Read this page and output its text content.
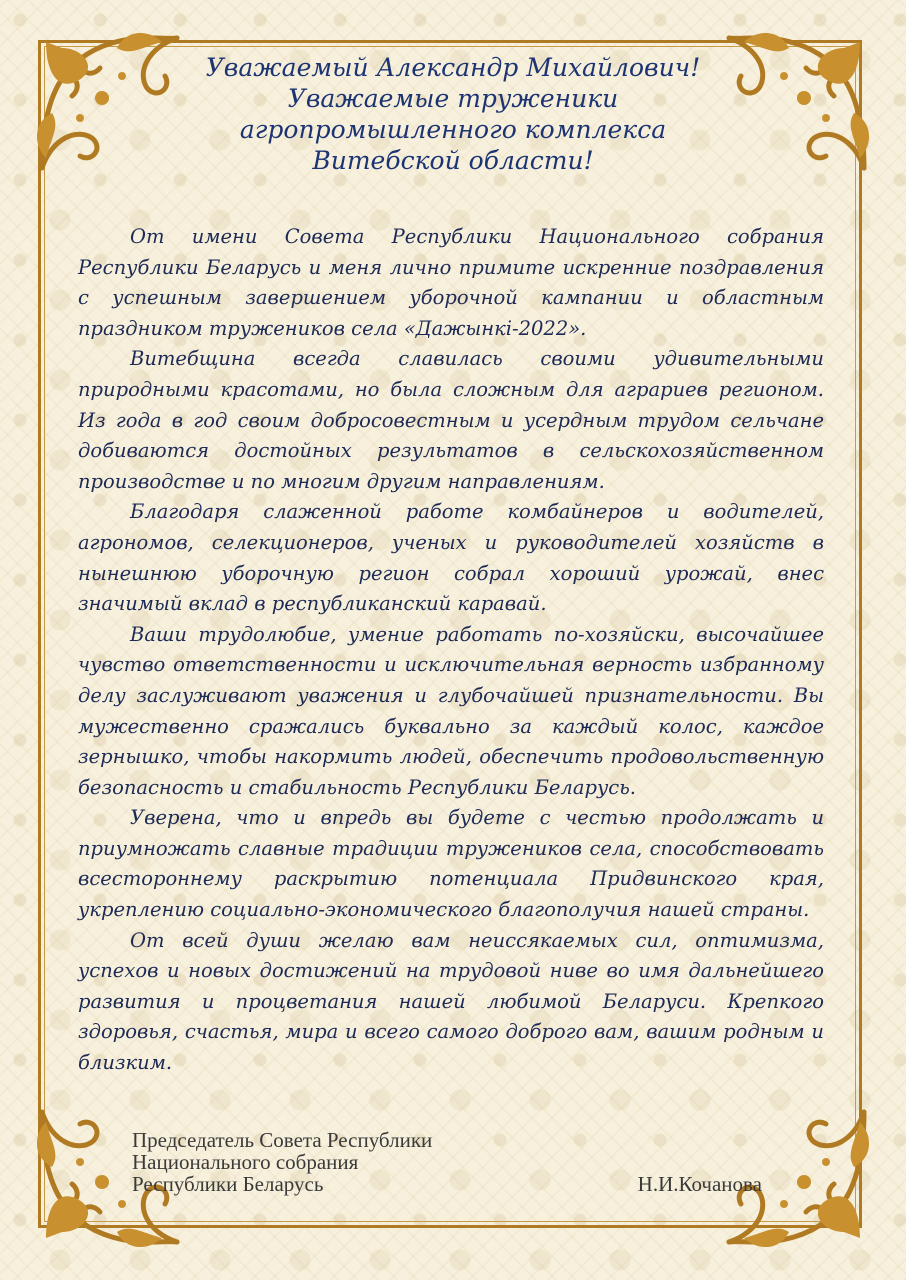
Уважаемый Александр Михайлович!
Уважаемые труженики
агропромышленного комплекса
Витебской области!

От имени Совета Республики Национального собрания Республики Беларусь и меня лично примите искренние поздравления с успешным завершением уборочной кампании и областным праздником тружеников села «Дажынкі-2022».

Витебщина всегда славилась своими удивительными природными красотами, но была сложным для аграриев регионом. Из года в год своим добросовестным и усердным трудом сельчане добиваются достойных результатов в сельскохозяйственном производстве и по многим другим направлениям.

Благодаря слаженной работе комбайнеров и водителей, агрономов, селекционеров, ученых и руководителей хозяйств в нынешнюю уборочную регион собрал хороший урожай, внес значимый вклад в республиканский каравай.

Ваши трудолюбие, умение работать по-хозяйски, высочайшее чувство ответственности и исключительная верность избранному делу заслуживают уважения и глубочайшей признательности. Вы мужественно сражались буквально за каждый колос, каждое зернышко, чтобы накормить людей, обеспечить продовольственную безопасность и стабильность Республики Беларусь.

Уверена, что и впредь вы будете с честью продолжать и приумножать славные традиции тружеников села, способствовать всестороннему раскрытию потенциала Придвинского края, укреплению социально-экономического благополучия нашей страны.

От всей души желаю вам неиссякаемых сил, оптимизма, успехов и новых достижений на трудовой ниве во имя дальнейшего развития и процветания нашей любимой Беларуси. Крепкого здоровья, счастья, мира и всего самого доброго вам, вашим родным и близким.

Председатель Совета Республики
Национального собрания
Республики Беларусь	Н.И.Кочанова
